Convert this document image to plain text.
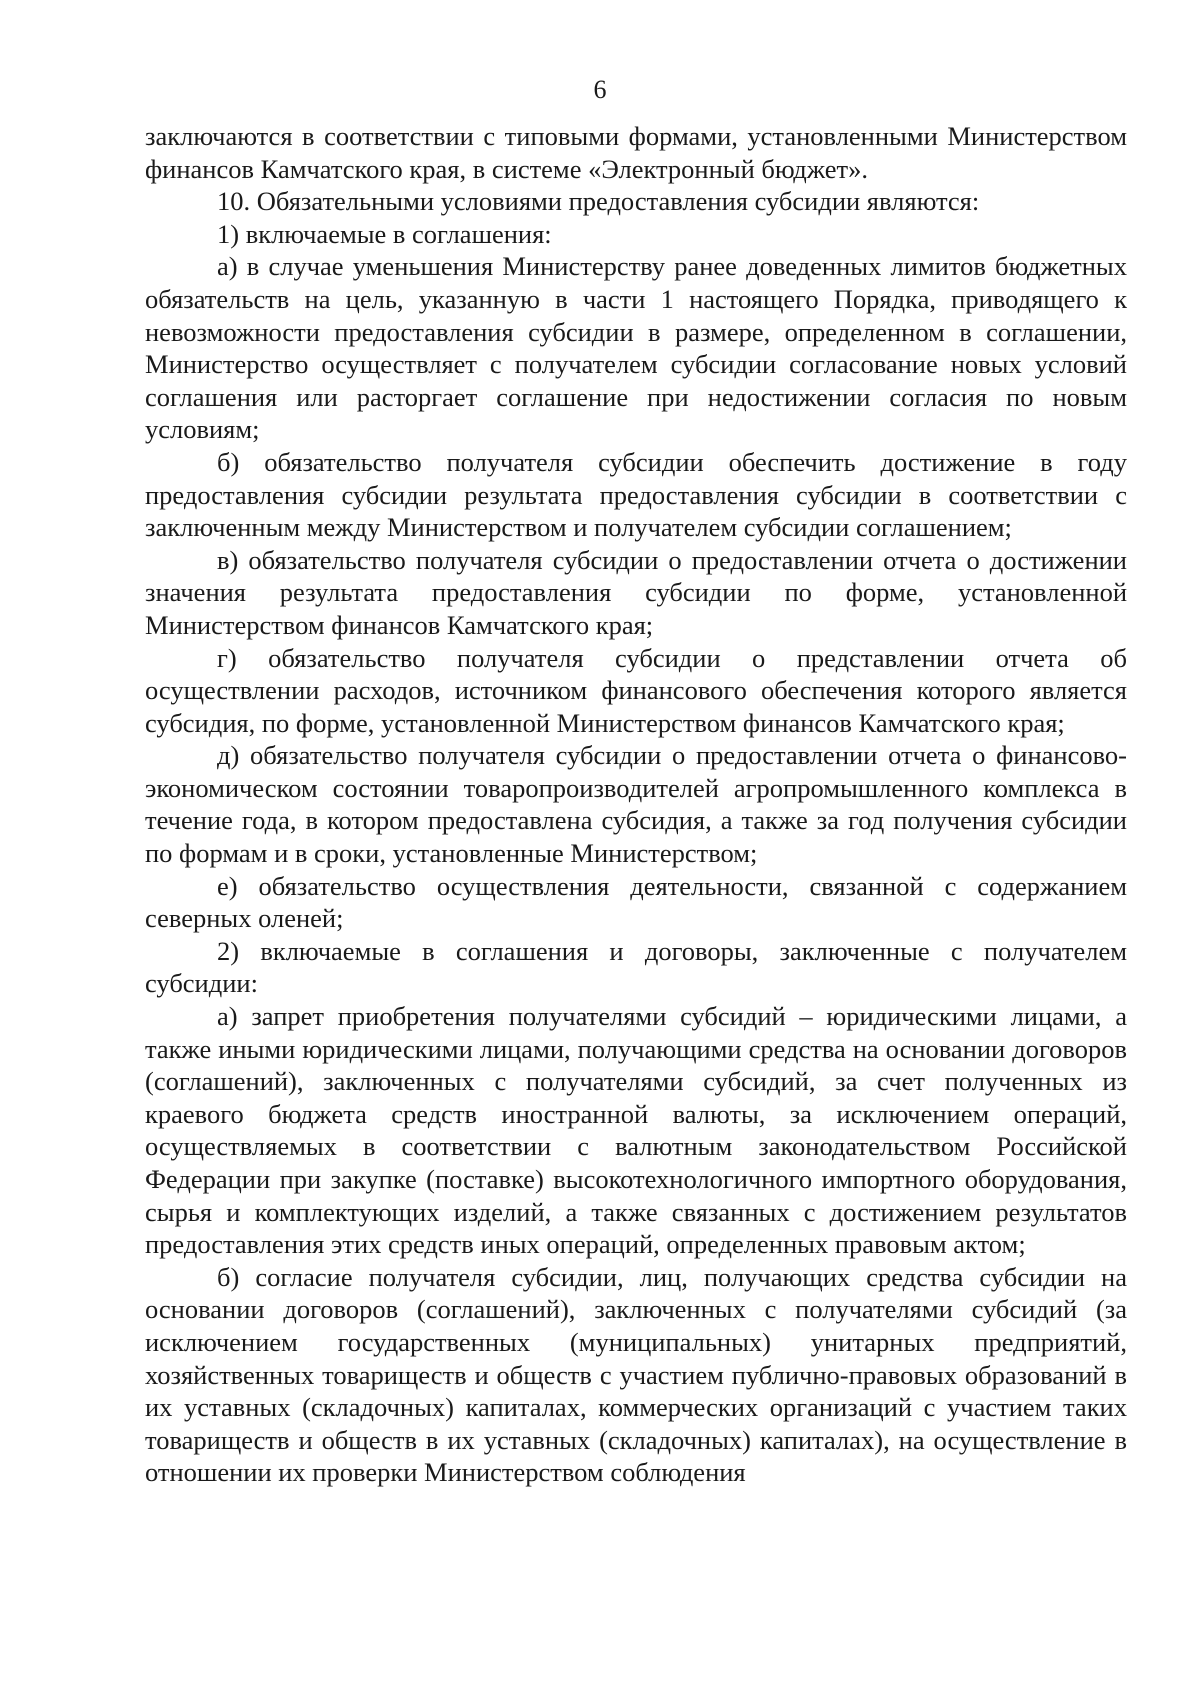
6

заключаются в соответствии с типовыми формами, установленными Министерством финансов Камчатского края, в системе «Электронный бюджет».

10. Обязательными условиями предоставления субсидии являются:

1) включаемые в соглашения:

а) в случае уменьшения Министерству ранее доведенных лимитов бюджетных обязательств на цель, указанную в части 1 настоящего Порядка, приводящего к невозможности предоставления субсидии в размере, определенном в соглашении, Министерство осуществляет с получателем субсидии согласование новых условий соглашения или расторгает соглашение при недостижении согласия по новым условиям;

б) обязательство получателя субсидии обеспечить достижение в году предоставления субсидии результата предоставления субсидии в соответствии с заключенным между Министерством и получателем субсидии соглашением;

в) обязательство получателя субсидии о предоставлении отчета о достижении значения результата предоставления субсидии по форме, установленной Министерством финансов Камчатского края;

г) обязательство получателя субсидии о представлении отчета об осуществлении расходов, источником финансового обеспечения которого является субсидия, по форме, установленной Министерством финансов Камчатского края;

д) обязательство получателя субсидии о предоставлении отчета о финансово-экономическом состоянии товаропроизводителей агропромышленного комплекса в течение года, в котором предоставлена субсидия, а также за год получения субсидии по формам и в сроки, установленные Министерством;

е) обязательство осуществления деятельности, связанной с содержанием северных оленей;

2) включаемые в соглашения и договоры, заключенные с получателем субсидии:

а) запрет приобретения получателями субсидий – юридическими лицами, а также иными юридическими лицами, получающими средства на основании договоров (соглашений), заключенных с получателями субсидий, за счет полученных из краевого бюджета средств иностранной валюты, за исключением операций, осуществляемых в соответствии с валютным законодательством Российской Федерации при закупке (поставке) высокотехнологичного импортного оборудования, сырья и комплектующих изделий, а также связанных с достижением результатов предоставления этих средств иных операций, определенных правовым актом;

б) согласие получателя субсидии, лиц, получающих средства субсидии на основании договоров (соглашений), заключенных с получателями субсидий (за исключением государственных (муниципальных) унитарных предприятий, хозяйственных товариществ и обществ с участием публично-правовых образований в их уставных (складочных) капиталах, коммерческих организаций с участием таких товариществ и обществ в их уставных (складочных) капиталах), на осуществление в отношении их проверки Министерством соблюдения
